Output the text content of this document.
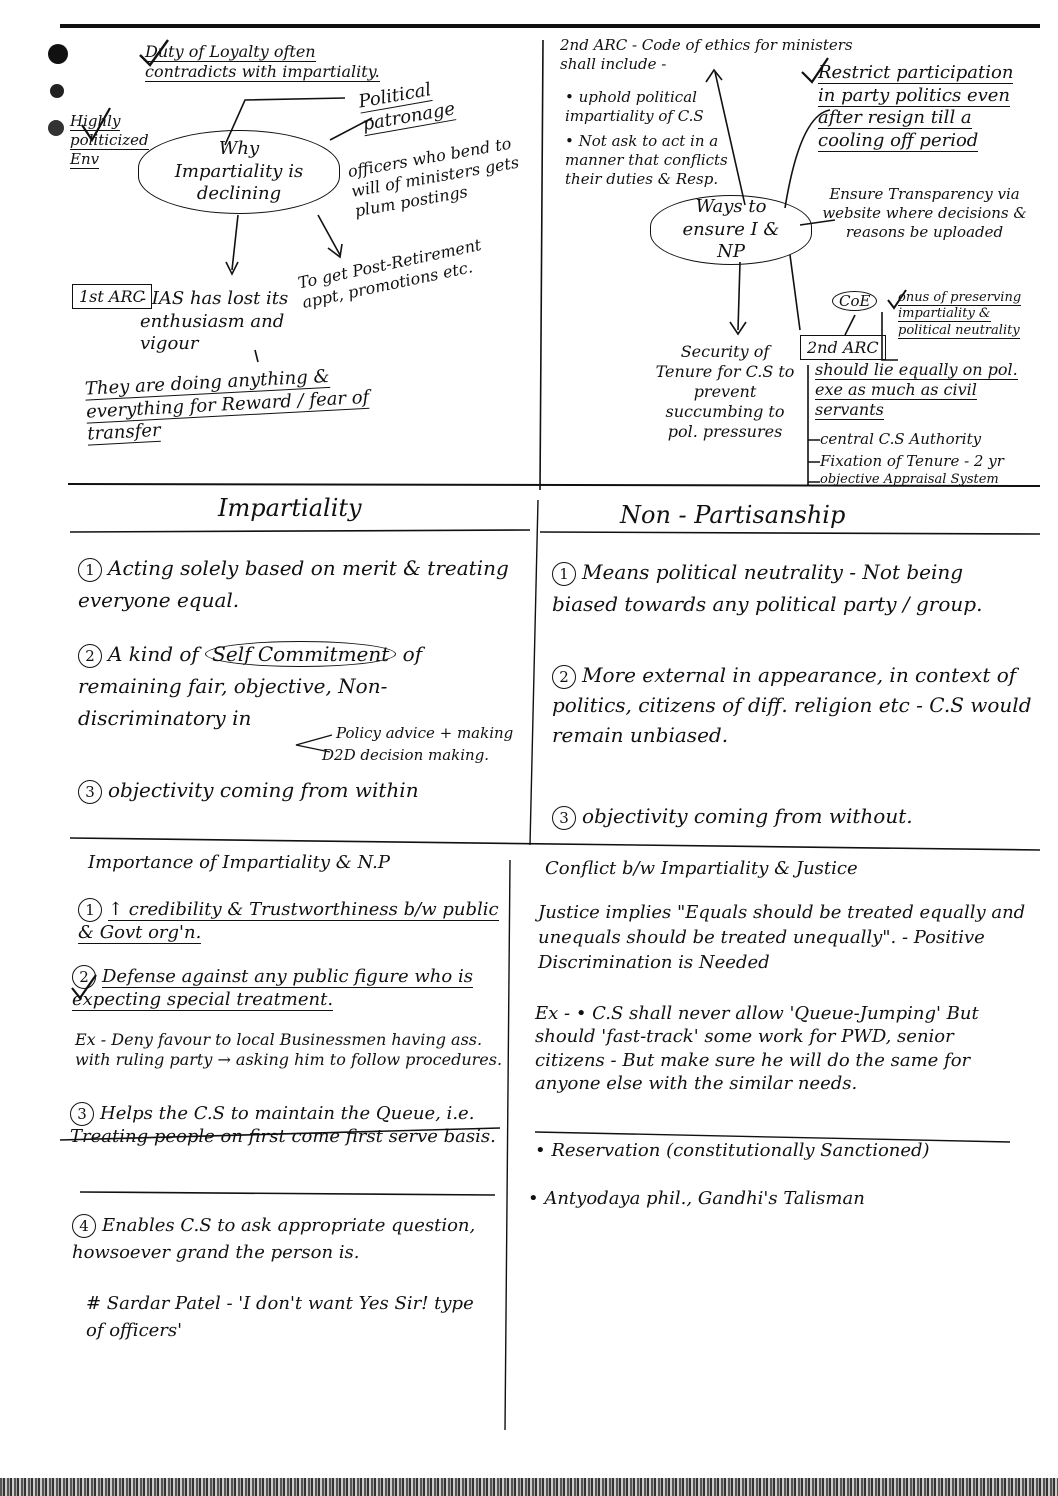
Duty of Loyalty often contradicts with impartiality.
Highly politicized Env	Why Impartiality is declining
Political patronage
officers who bend to will of ministers gets plum postings
To get Post-Retirement appt, promotions etc.
1st ARC
- IAS has lost its enthusiasm and vigour
They are doing anything & everything for Reward / fear of transfer
2nd ARC - Code of ethics for ministers shall include -
• uphold political impartiality of C.S
• Not ask to act in a manner that conflicts their duties & Resp.
Restrict participation in party politics even after resign till a cooling off period
Ways to ensure I & NP
Ensure Transparency via website where decisions & reasons be uploaded
Security of Tenure for C.S to prevent succumbing to pol. pressures
CoE
2nd ARC
onus of preserving impartiality & political neutrality
should lie equally on pol. exe as much as civil servants
central C.S Authority
Fixation of Tenure - 2 yr
objective Appraisal System
Impartiality	Non - Partisanship
1 Acting solely based on merit & treating everyone equal.
2 A kind of Self Commitment of remaining fair, objective, Non-discriminatory in
Policy advice + making
D2D decision making.
3 objectivity coming from within
1 Means political neutrality - Not being biased towards any political party / group.
2 More external in appearance, in context of politics, citizens of diff. religion etc - C.S would remain unbiased.
3 objectivity coming from without.
Importance of Impartiality & N.P
1 ↑ credibility & Trustworthiness b/w public & Govt org'n.
2 Defense against any public figure who is expecting special treatment.
Ex - Deny favour to local Businessmen having ass. with ruling party → asking him to follow procedures.
3 Helps the C.S to maintain the Queue, i.e. Treating people on first come first serve basis.
4 Enables C.S to ask appropriate question, howsoever grand the person is.
# Sardar Patel - 'I don't want Yes Sir! type of officers'
Conflict b/w Impartiality & Justice
Justice implies "Equals should be treated equally and unequals should be treated unequally". - Positive Discrimination is Needed
Ex - • C.S shall never allow 'Queue-Jumping' But should 'fast-track' some work for PWD, senior citizens - But make sure he will do the same for anyone else with the similar needs.
• Reservation (constitutionally Sanctioned)
• Antyodaya phil., Gandhi's Talisman
